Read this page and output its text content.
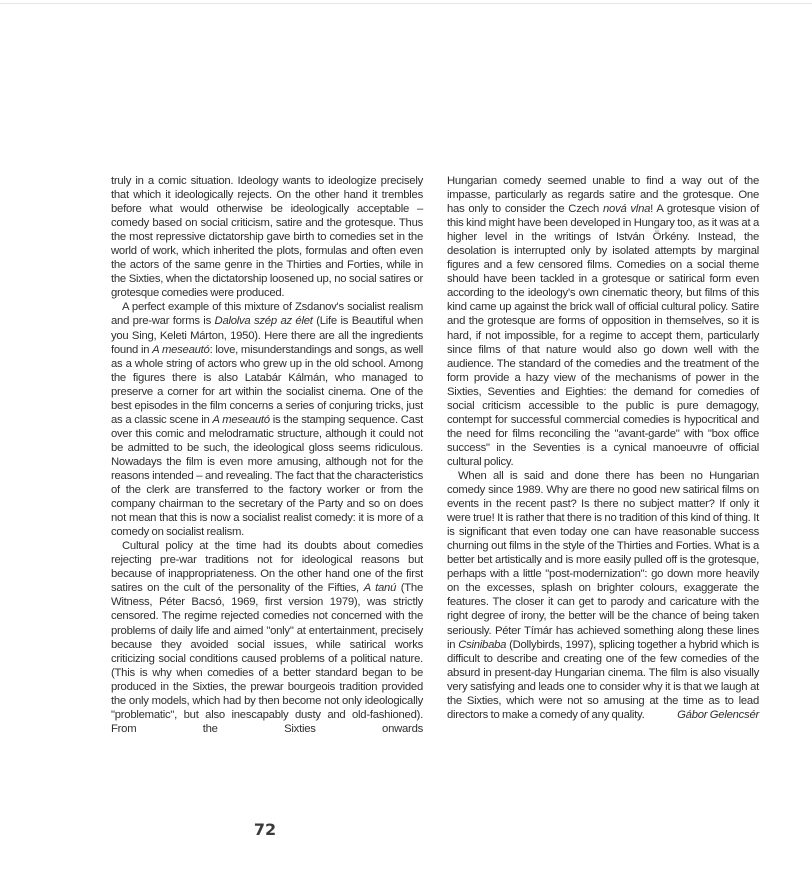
truly in a comic situation. Ideology wants to ideologize precisely that which it ideologically rejects. On the other hand it trembles before what would otherwise be ideologically acceptable – comedy based on social criticism, satire and the grotesque. Thus the most repressive dictatorship gave birth to comedies set in the world of work, which inherited the plots, formulas and often even the actors of the same genre in the Thirties and Forties, while in the Sixties, when the dictatorship loosened up, no social satires or grotesque comedies were produced.

A perfect example of this mixture of Zsdanov's socialist realism and pre-war forms is Dalolva szép az élet (Life is Beautiful when you Sing, Keleti Márton, 1950). Here there are all the ingredients found in A meseautó: love, misunderstandings and songs, as well as a whole string of actors who grew up in the old school. Among the figures there is also Latabár Kálmán, who managed to preserve a corner for art within the socialist cinema. One of the best episodes in the film concerns a series of conjuring tricks, just as a classic scene in A meseautó is the stamping sequence. Cast over this comic and melodramatic structure, although it could not be admitted to be such, the ideological gloss seems ridiculous. Nowadays the film is even more amusing, although not for the reasons intended – and revealing. The fact that the characteristics of the clerk are transferred to the factory worker or from the company chairman to the secretary of the Party and so on does not mean that this is now a socialist realist comedy: it is more of a comedy on socialist realism.

Cultural policy at the time had its doubts about comedies rejecting pre-war traditions not for ideological reasons but because of inappropriateness. On the other hand one of the first satires on the cult of the personality of the Fifties, A tanú (The Witness, Péter Bacsó, 1969, first version 1979), was strictly censored. The regime rejected comedies not concerned with the problems of daily life and aimed "only" at entertainment, precisely because they avoided social issues, while satirical works criticizing social conditions caused problems of a political nature. (This is why when comedies of a better standard began to be produced in the Sixties, the prewar bourgeois tradition provided the only models, which had by then become not only ideologically "problematic", but also inescapably dusty and old-fashioned). From the Sixties onwards

Hungarian comedy seemed unable to find a way out of the impasse, particularly as regards satire and the grotesque. One has only to consider the Czech nová vlna! A grotesque vision of this kind might have been developed in Hungary too, as it was at a higher level in the writings of István Örkény. Instead, the desolation is interrupted only by isolated attempts by marginal figures and a few censored films. Comedies on a social theme should have been tackled in a grotesque or satirical form even according to the ideology's own cinematic theory, but films of this kind came up against the brick wall of official cultural policy. Satire and the grotesque are forms of opposition in themselves, so it is hard, if not impossible, for a regime to accept them, particularly since films of that nature would also go down well with the audience. The standard of the comedies and the treatment of the form provide a hazy view of the mechanisms of power in the Sixties, Seventies and Eighties: the demand for comedies of social criticism accessible to the public is pure demagogy, contempt for successful commercial comedies is hypocritical and the need for films reconciling the "avant-garde" with "box office success" in the Seventies is a cynical manoeuvre of official cultural policy.

When all is said and done there has been no Hungarian comedy since 1989. Why are there no good new satirical films on events in the recent past? Is there no subject matter? If only it were true! It is rather that there is no tradition of this kind of thing. It is significant that even today one can have reasonable success churning out films in the style of the Thirties and Forties. What is a better bet artistically and is more easily pulled off is the grotesque, perhaps with a little "post-modernization": go down more heavily on the excesses, splash on brighter colours, exaggerate the features. The closer it can get to parody and caricature with the right degree of irony, the better will be the chance of being taken seriously. Péter Tímár has achieved something along these lines in Csinibaba (Dollybirds, 1997), splicing together a hybrid which is difficult to describe and creating one of the few comedies of the absurd in present-day Hungarian cinema. The film is also visually very satisfying and leads one to consider why it is that we laugh at the Sixties, which were not so amusing at the time as to lead directors to make a comedy of any quality.	Gábor Gelencsér

72
